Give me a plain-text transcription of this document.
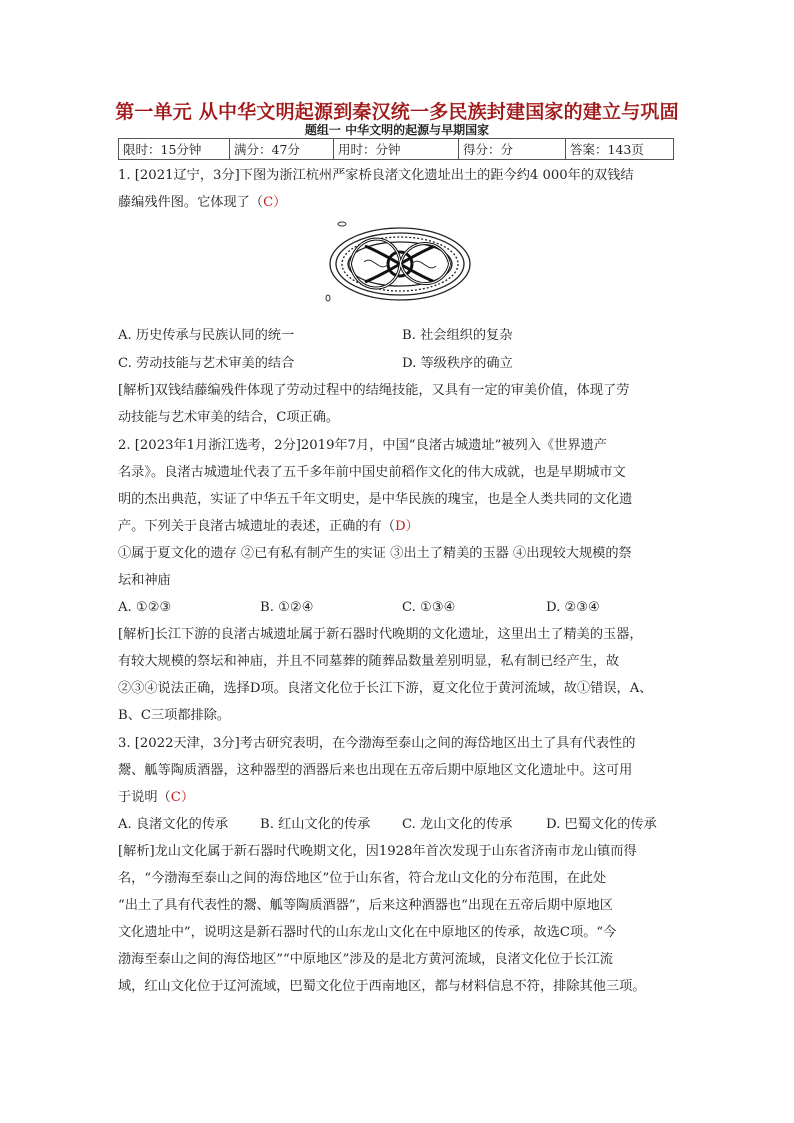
第一单元 从中华文明起源到秦汉统一多民族封建国家的建立与巩固
题组一 中华文明的起源与早期国家
限时：15分钟	满分：47分	用时：分钟	得分：分	答案：143页
1. [2021辽宁，3分]下图为浙江杭州严家桥良渚文化遗址出土的距今约4 000年的双钱结
藤编残件图。它体现了（C）
A. 历史传承与民族认同的统一	B. 社会组织的复杂
C. 劳动技能与艺术审美的结合	D. 等级秩序的确立
[解析]双钱结藤编残件体现了劳动过程中的结绳技能，又具有一定的审美价值，体现了劳
动技能与艺术审美的结合，C项正确。
2. [2023年1月浙江选考，2分]2019年7月，中国“良渚古城遗址”被列入《世界遗产
名录》。良渚古城遗址代表了五千多年前中国史前稻作文化的伟大成就，也是早期城市文
明的杰出典范，实证了中华五千年文明史，是中华民族的瑰宝，也是全人类共同的文化遗
产。下列关于良渚古城遗址的表述，正确的有（D）
①属于夏文化的遗存 ②已有私有制产生的实证 ③出土了精美的玉器 ④出现较大规模的祭
坛和神庙
A. ①②③	B. ①②④	C. ①③④	D. ②③④
[解析]长江下游的良渚古城遗址属于新石器时代晚期的文化遗址，这里出土了精美的玉器，
有较大规模的祭坛和神庙，并且不同墓葬的随葬品数量差别明显，私有制已经产生，故
②③④说法正确，选择D项。良渚文化位于长江下游，夏文化位于黄河流域，故①错误，A、
B、C三项都排除。
3. [2022天津，3分]考古研究表明，在今渤海至泰山之间的海岱地区出土了具有代表性的
鬶、觚等陶质酒器，这种器型的酒器后来也出现在五帝后期中原地区文化遗址中。这可用
于说明（C）
A. 良渚文化的传承	B. 红山文化的传承	C. 龙山文化的传承	D. 巴蜀文化的传承
[解析]龙山文化属于新石器时代晚期文化，因1928年首次发现于山东省济南市龙山镇而得
名，“今渤海至泰山之间的海岱地区”位于山东省，符合龙山文化的分布范围，在此处
“出土了具有代表性的鬶、觚等陶质酒器”，后来这种酒器也“出现在五帝后期中原地区
文化遗址中”，说明这是新石器时代的山东龙山文化在中原地区的传承，故选C项。“今
渤海至泰山之间的海岱地区”“中原地区”涉及的是北方黄河流域，良渚文化位于长江流
域，红山文化位于辽河流域，巴蜀文化位于西南地区，都与材料信息不符，排除其他三项。
